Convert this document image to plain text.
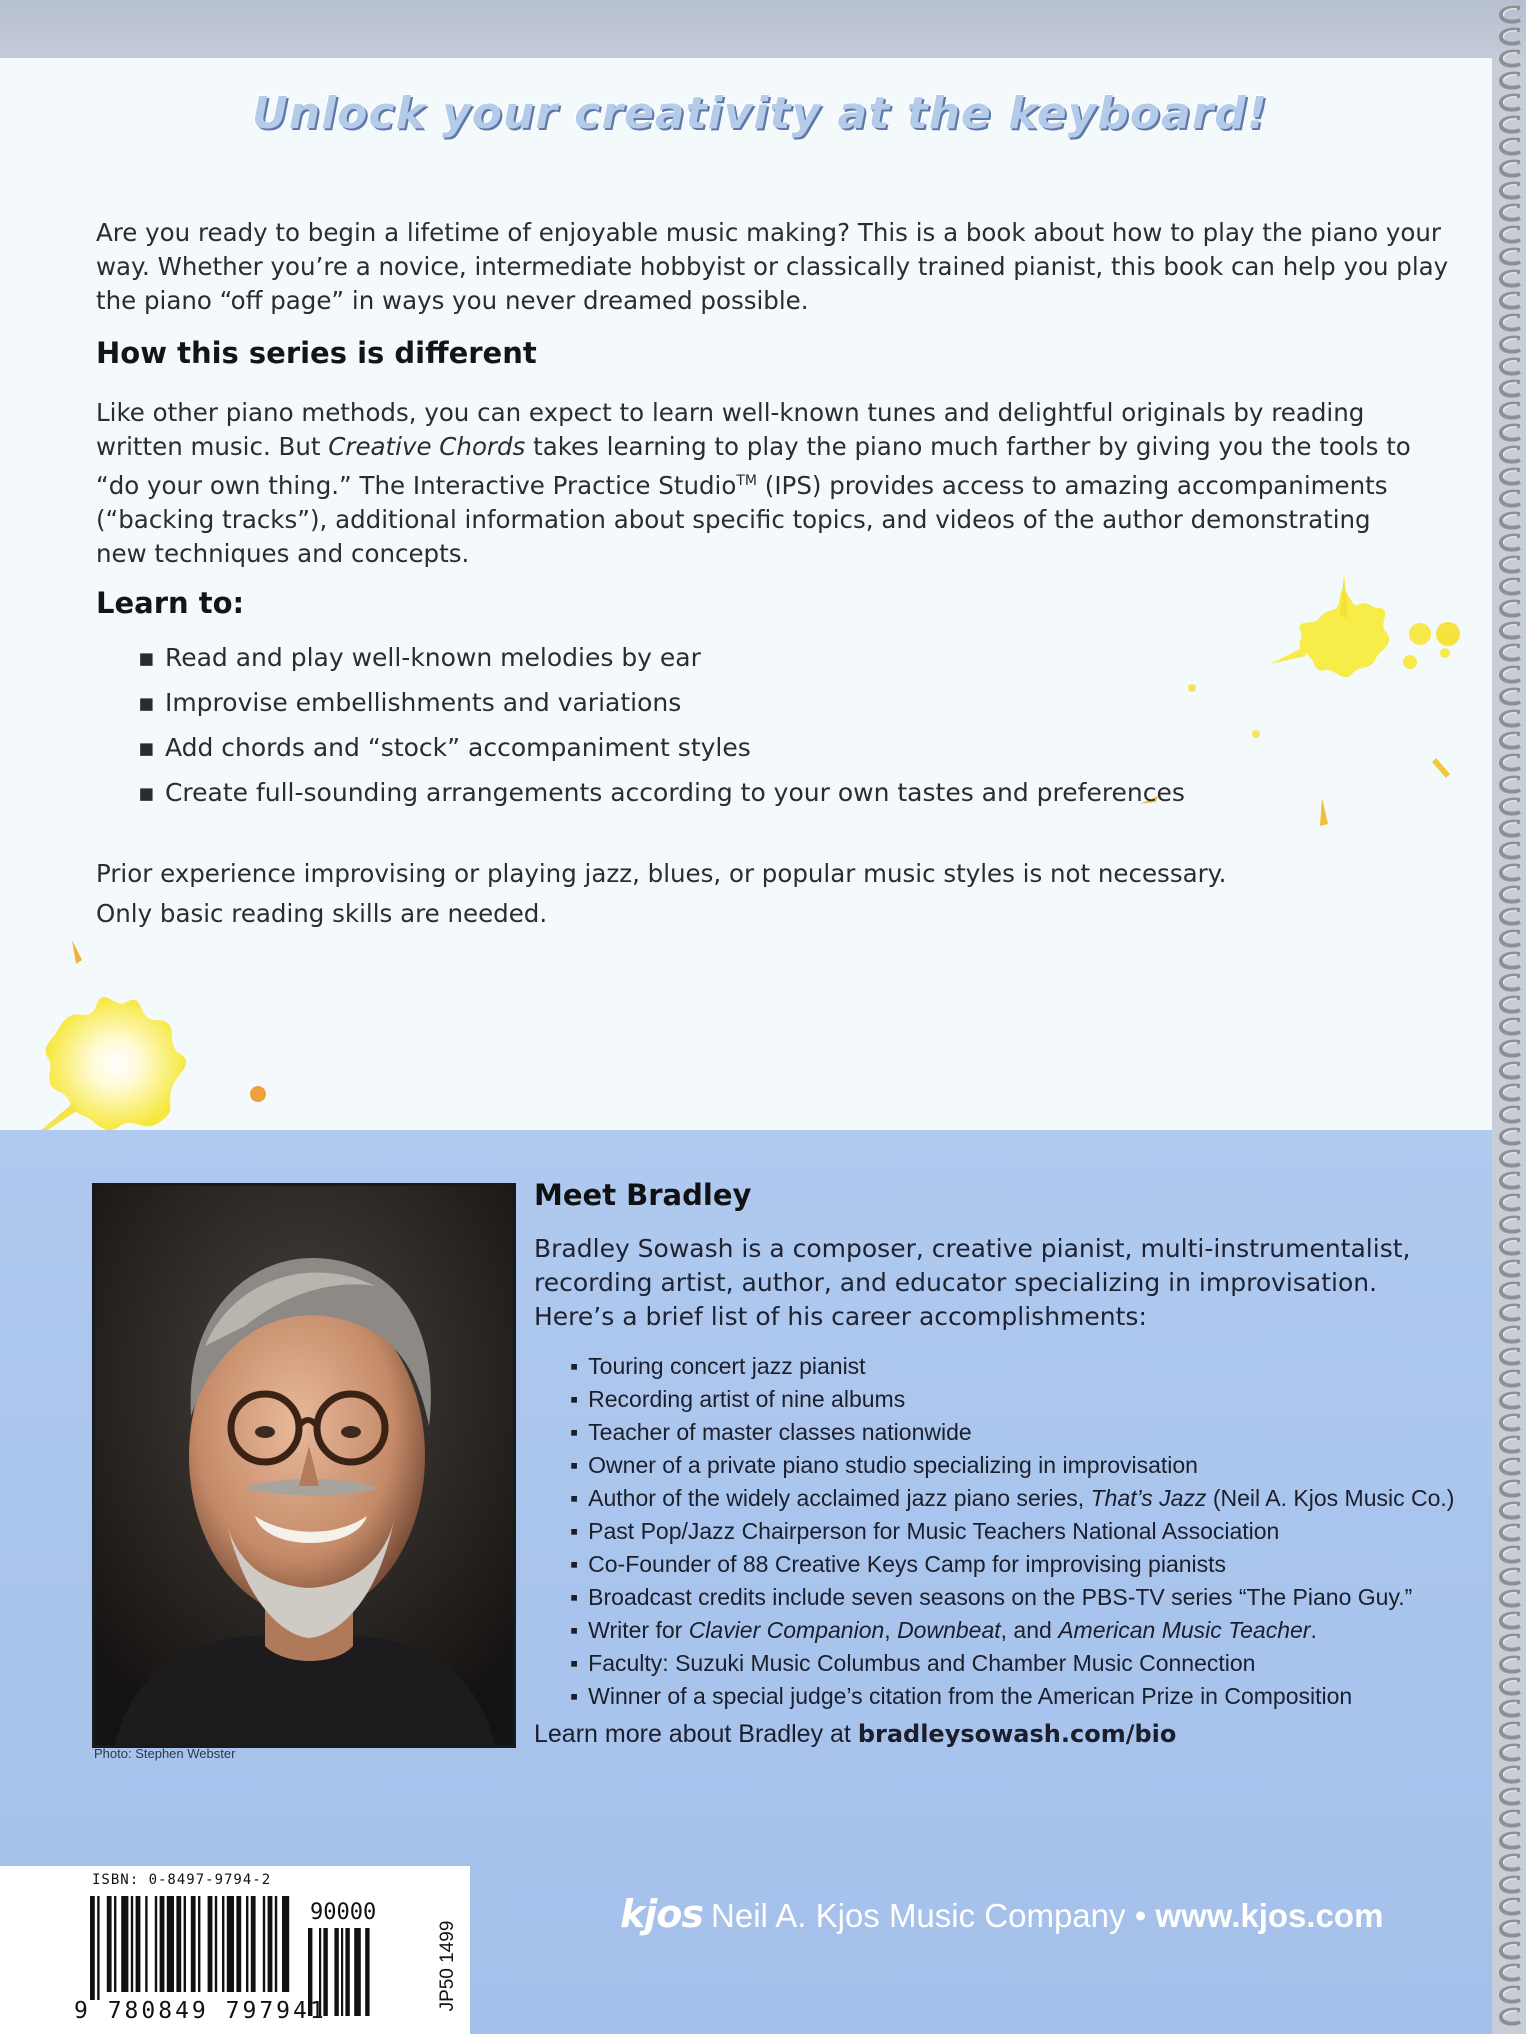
Unlock your creativity at the keyboard!
Are you ready to begin a lifetime of enjoyable music making? This is a book about how to play the piano your way. Whether you’re a novice, intermediate hobbyist or classically trained pianist, this book can help you play the piano “off page” in ways you never dreamed possible.
How this series is different
Like other piano methods, you can expect to learn well-known tunes and delightful originals by reading written music. But Creative Chords takes learning to play the piano much farther by giving you the tools to “do your own thing.” The Interactive Practice Studio™ (IPS) provides access to amazing accompaniments (“backing tracks”), additional information about specific topics, and videos of the author demonstrating new techniques and concepts.
Learn to:
▪ Read and play well-known melodies by ear
▪ Improvise embellishments and variations
▪ Add chords and “stock” accompaniment styles
▪ Create full-sounding arrangements according to your own tastes and preferences
Prior experience improvising or playing jazz, blues, or popular music styles is not necessary.
Only basic reading skills are needed.
Photo: Stephen Webster
Meet Bradley
Bradley Sowash is a composer, creative pianist, multi-instrumentalist, recording artist, author, and educator specializing in improvisation. Here’s a brief list of his career accomplishments:
▪ Touring concert jazz pianist
▪ Recording artist of nine albums
▪ Teacher of master classes nationwide
▪ Owner of a private piano studio specializing in improvisation
▪ Author of the widely acclaimed jazz piano series, That’s Jazz (Neil A. Kjos Music Co.)
▪ Past Pop/Jazz Chairperson for Music Teachers National Association
▪ Co-Founder of 88 Creative Keys Camp for improvising pianists
▪ Broadcast credits include seven seasons on the PBS-TV series “The Piano Guy.”
▪ Writer for Clavier Companion, Downbeat, and American Music Teacher.
▪ Faculty: Suzuki Music Columbus and Chamber Music Connection
▪ Winner of a special judge’s citation from the American Prize in Composition
Learn more about Bradley at bradleysowash.com/bio
ISBN: 0-8497-9794-2
90000
9 780849 797941	JP50 1499
kjos Neil A. Kjos Music Company • www.kjos.com
